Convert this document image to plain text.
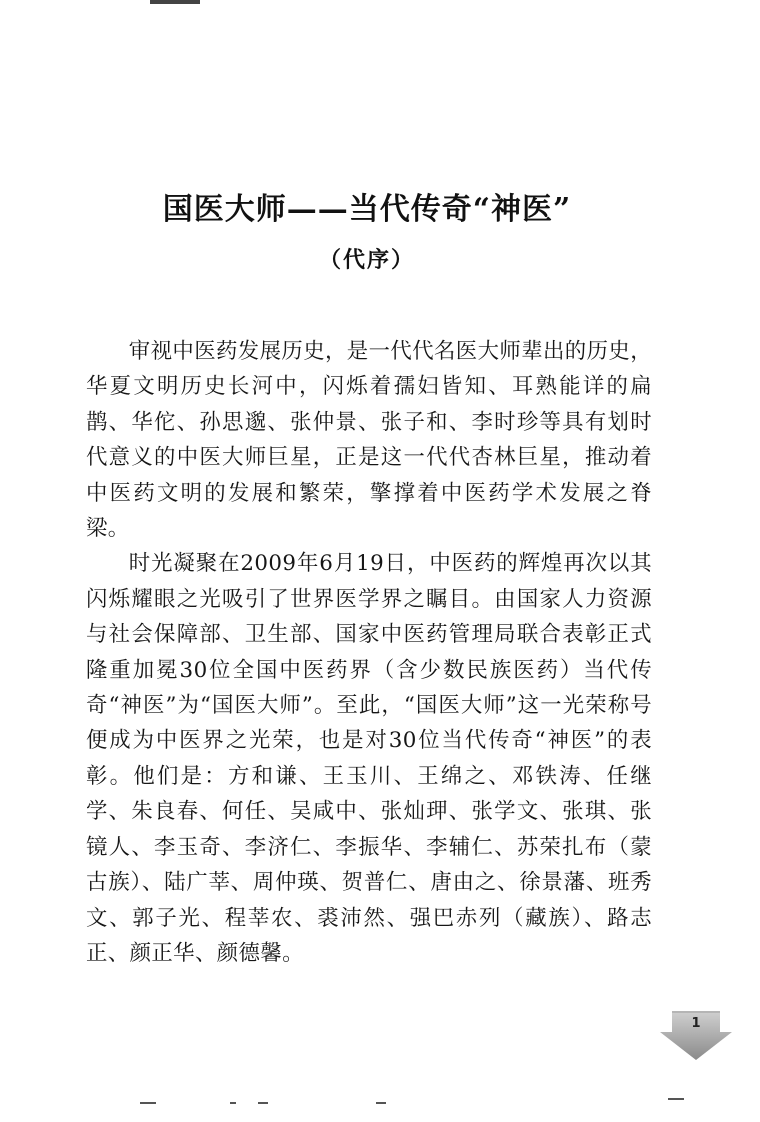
国医大师——当代传奇“神医”
（代序）

审视中医药发展历史，是一代代名医大师辈出的历史，华夏文明历史长河中，闪烁着孺妇皆知、耳熟能详的扁鹊、华佗、孙思邈、张仲景、张子和、李时珍等具有划时代意义的中医大师巨星，正是这一代代杏林巨星，推动着中医药文明的发展和繁荣，擎撑着中医药学术发展之脊梁。

时光凝聚在2009年6月19日，中医药的辉煌再次以其闪烁耀眼之光吸引了世界医学界之瞩目。由国家人力资源与社会保障部、卫生部、国家中医药管理局联合表彰正式隆重加冕30位全国中医药界（含少数民族医药）当代传奇“神医”为“国医大师”。至此，“国医大师”这一光荣称号便成为中医界之光荣，也是对30位当代传奇“神医”的表彰。他们是：方和谦、王玉川、王绵之、邓铁涛、任继学、朱良春、何任、吴咸中、张灿玾、张学文、张琪、张镜人、李玉奇、李济仁、李振华、李辅仁、苏荣扎布（蒙古族）、陆广莘、周仲瑛、贺普仁、唐由之、徐景藩、班秀文、郭子光、程莘农、裘沛然、强巴赤列（藏族）、路志正、颜正华、颜德馨。

1
